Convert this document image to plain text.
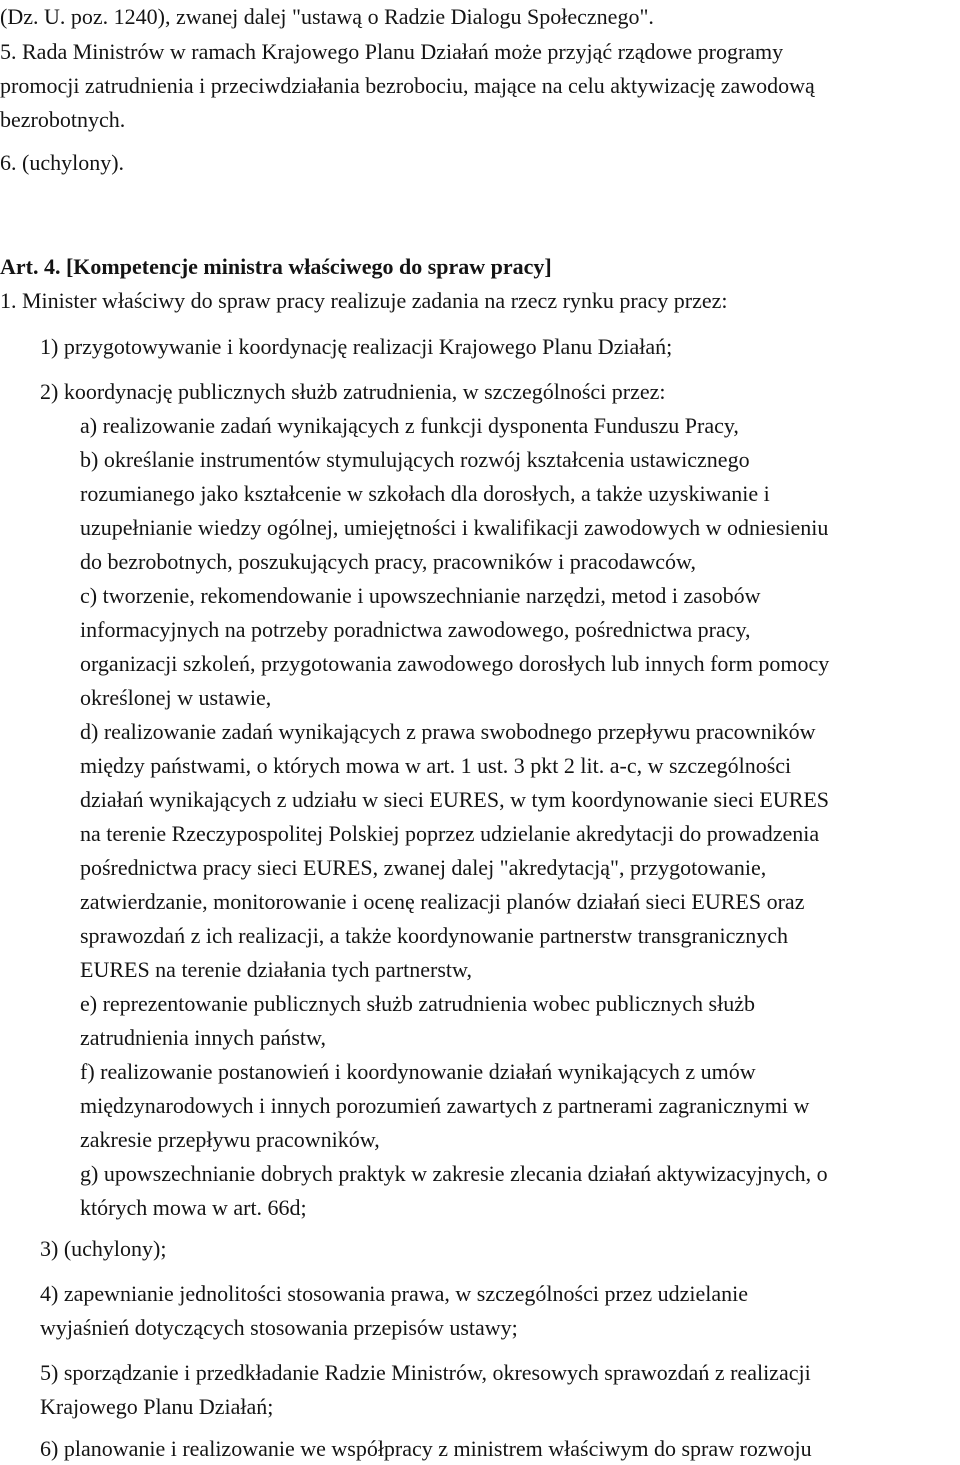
(Dz. U. poz. 1240), zwanej dalej "ustawą o Radzie Dialogu Społecznego".
5. Rada Ministrów w ramach Krajowego Planu Działań może przyjąć rządowe programy
promocji zatrudnienia i przeciwdziałania bezrobociu, mające na celu aktywizację zawodową
bezrobotnych.
6. (uchylony).
Art. 4. [Kompetencje ministra właściwego do spraw pracy]
1. Minister właściwy do spraw pracy realizuje zadania na rzecz rynku pracy przez:
1) przygotowywanie i koordynację realizacji Krajowego Planu Działań;
2) koordynację publicznych służb zatrudnienia, w szczególności przez:
a) realizowanie zadań wynikających z funkcji dysponenta Funduszu Pracy,
b) określanie instrumentów stymulujących rozwój kształcenia ustawicznego
rozumianego jako kształcenie w szkołach dla dorosłych, a także uzyskiwanie i
uzupełnianie wiedzy ogólnej, umiejętności i kwalifikacji zawodowych w odniesieniu
do bezrobotnych, poszukujących pracy, pracowników i pracodawców,
c) tworzenie, rekomendowanie i upowszechnianie narzędzi, metod i zasobów
informacyjnych na potrzeby poradnictwa zawodowego, pośrednictwa pracy,
organizacji szkoleń, przygotowania zawodowego dorosłych lub innych form pomocy
określonej w ustawie,
d) realizowanie zadań wynikających z prawa swobodnego przepływu pracowników
między państwami, o których mowa w art. 1 ust. 3 pkt 2 lit. a-c, w szczególności
działań wynikających z udziału w sieci EURES, w tym koordynowanie sieci EURES
na terenie Rzeczypospolitej Polskiej poprzez udzielanie akredytacji do prowadzenia
pośrednictwa pracy sieci EURES, zwanej dalej "akredytacją", przygotowanie,
zatwierdzanie, monitorowanie i ocenę realizacji planów działań sieci EURES oraz
sprawozdań z ich realizacji, a także koordynowanie partnerstw transgranicznych
EURES na terenie działania tych partnerstw,
e) reprezentowanie publicznych służb zatrudnienia wobec publicznych służb
zatrudnienia innych państw,
f) realizowanie postanowień i koordynowanie działań wynikających z umów
międzynarodowych i innych porozumień zawartych z partnerami zagranicznymi w
zakresie przepływu pracowników,
g) upowszechnianie dobrych praktyk w zakresie zlecania działań aktywizacyjnych, o
których mowa w art. 66d;
3) (uchylony);
4) zapewnianie jednolitości stosowania prawa, w szczególności przez udzielanie
wyjaśnień dotyczących stosowania przepisów ustawy;
5) sporządzanie i przedkładanie Radzie Ministrów, okresowych sprawozdań z realizacji
Krajowego Planu Działań;
6) planowanie i realizowanie we współpracy z ministrem właściwym do spraw rozwoju
